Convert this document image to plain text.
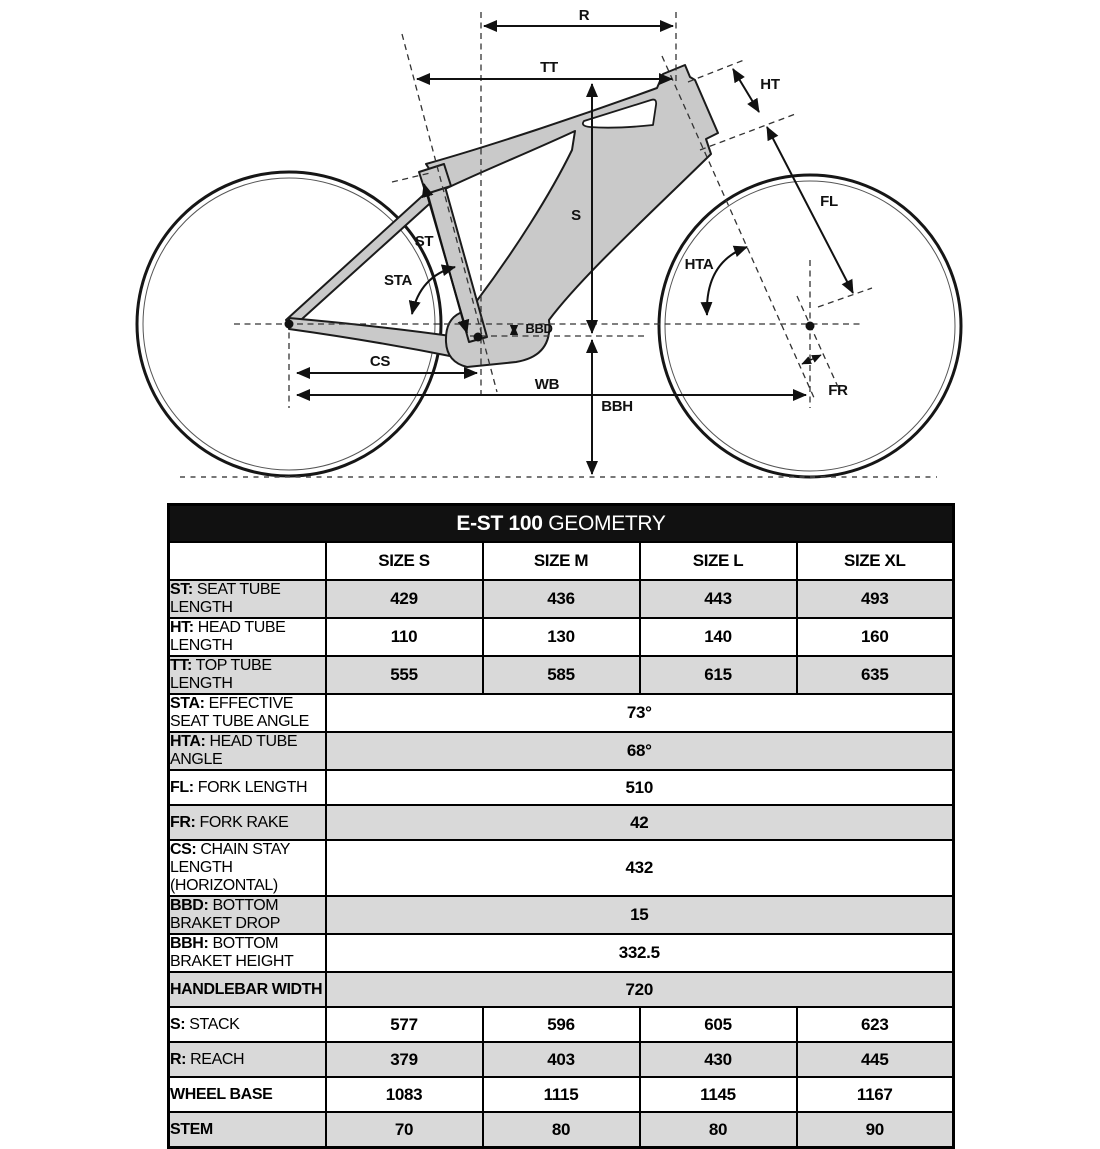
R
TT
HT
S
ST
STA
FL
HTA
BBD
CS
WB
BBH
FR
E-ST 100 GEOMETRY				
	SIZE S	SIZE M	SIZE L	SIZE XL
ST: SEAT TUBE LENGTH	429	436	443	493
HT: HEAD TUBE LENGTH	110	130	140	160
TT: TOP TUBE LENGTH	555	585	615	635
STA: EFFECTIVE SEAT TUBE ANGLE	73°			
HTA: HEAD TUBE ANGLE	68°			
FL: FORK LENGTH	510			
FR: FORK RAKE	42			
CS: CHAIN STAY LENGTH (HORIZONTAL)	432			
BBD: BOTTOM BRAKET DROP	15			
BBH: BOTTOM BRAKET HEIGHT	332.5			
HANDLEBAR WIDTH	720			
S: STACK	577	596	605	623
R: REACH	379	403	430	445
WHEEL BASE	1083	1115	1145	1167
STEM	70	80	80	90
